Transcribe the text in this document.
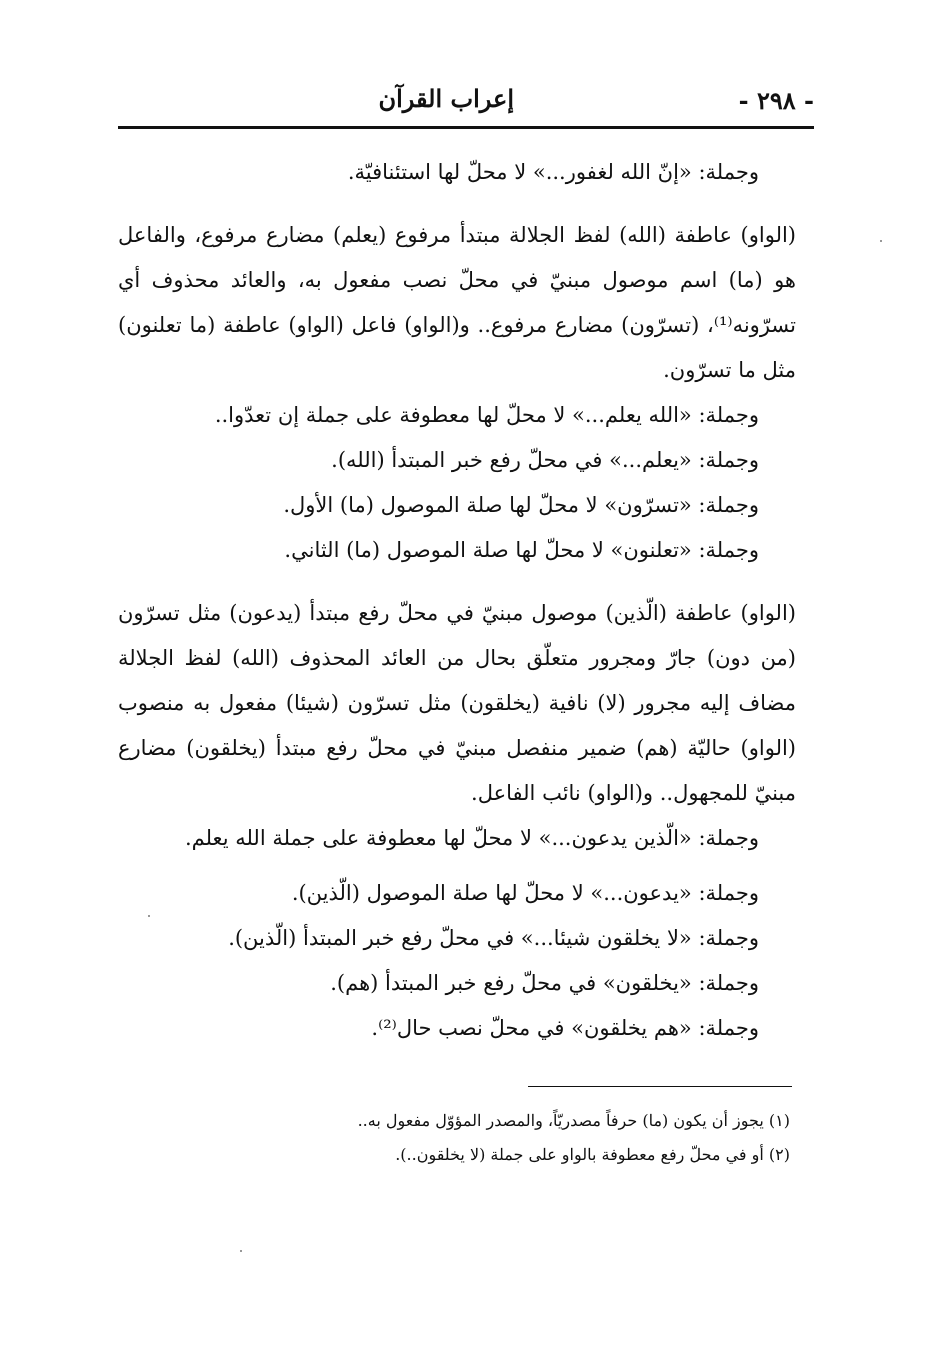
- ٢٩٨ -
إعراب القرآن
وجملة: «إنّ الله لغفور...» لا محلّ لها استئنافيّة.
(الواو) عاطفة (الله) لفظ الجلالة مبتدأ مرفوع (يعلم) مضارع مرفوع، والفاعل هو (ما) اسم موصول مبنيّ في محلّ نصب مفعول به، والعائد محذوف أي تسرّونه⁽¹⁾، (تسرّون) مضارع مرفوع.. و(الواو) فاعل (الواو) عاطفة (ما تعلنون) مثل ما تسرّون.
وجملة: «الله يعلم...» لا محلّ لها معطوفة على جملة إن تعدّوا..
وجملة: «يعلم...» في محلّ رفع خبر المبتدأ (الله).
وجملة: «تسرّون» لا محلّ لها صلة الموصول (ما) الأول.
وجملة: «تعلنون» لا محلّ لها صلة الموصول (ما) الثاني.
(الواو) عاطفة (الّذين) موصول مبنيّ في محلّ رفع مبتدأ (يدعون) مثل تسرّون (من دون) جارّ ومجرور متعلّق بحال من العائد المحذوف (الله) لفظ الجلالة مضاف إليه مجرور (لا) نافية (يخلقون) مثل تسرّون (شيئا) مفعول به منصوب (الواو) حاليّة (هم) ضمير منفصل مبنيّ في محلّ رفع مبتدأ (يخلقون) مضارع مبنيّ للمجهول.. و(الواو) نائب الفاعل.
وجملة: «الّذين يدعون...» لا محلّ لها معطوفة على جملة الله يعلم.
وجملة: «يدعون...» لا محلّ لها صلة الموصول (الّذين).
وجملة: «لا يخلقون شيئا...» في محلّ رفع خبر المبتدأ (الّذين).
وجملة: «يخلقون» في محلّ رفع خبر المبتدأ (هم).
وجملة: «هم يخلقون» في محلّ نصب حال⁽²⁾.
(١) يجوز أن يكون (ما) حرفاً مصدريّاً، والمصدر المؤوّل مفعول به..
(٢) أو في محلّ رفع معطوفة بالواو على جملة (لا يخلقون..).
